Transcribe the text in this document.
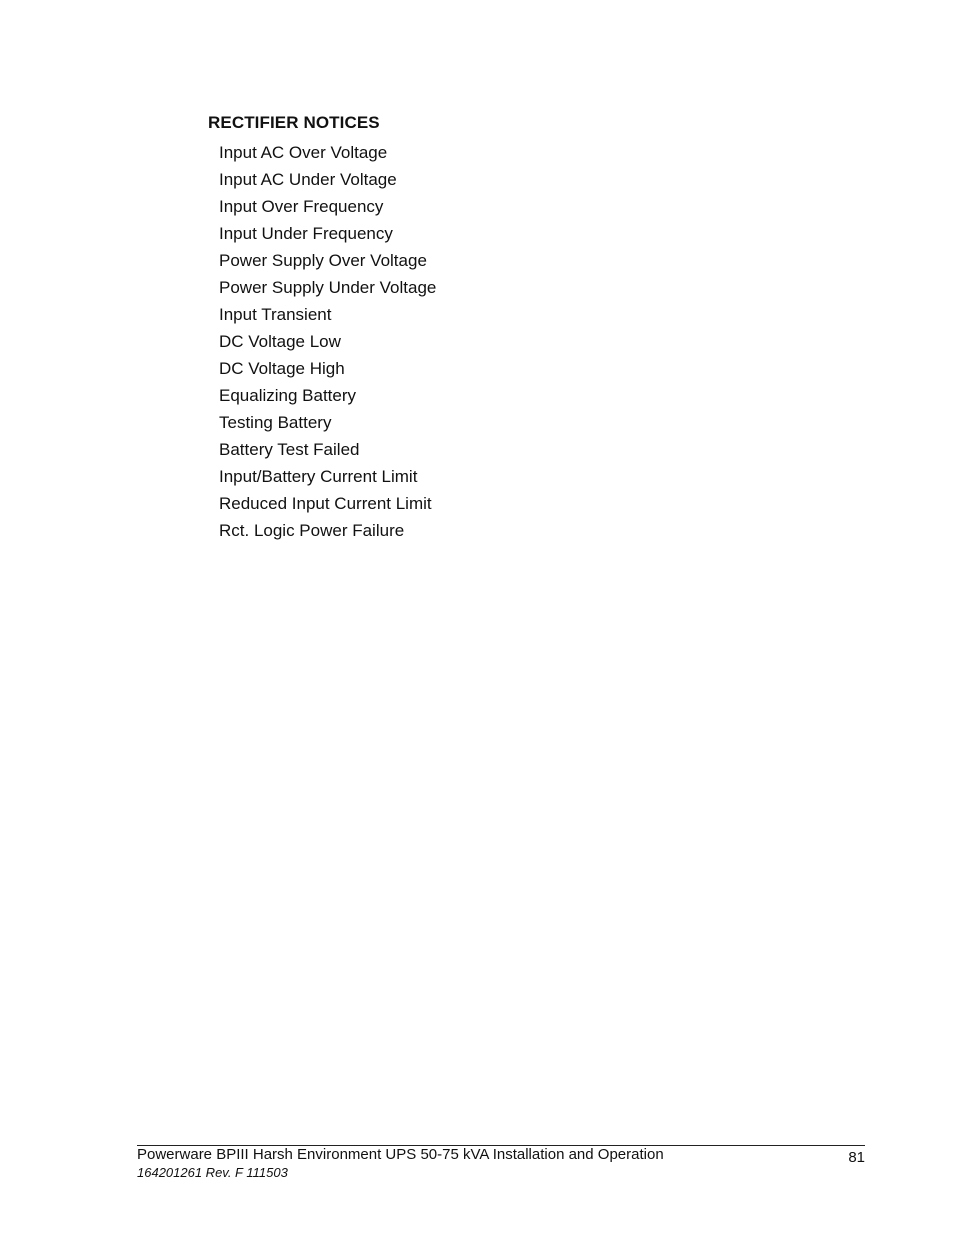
RECTIFIER NOTICES
Input AC Over Voltage
Input AC Under Voltage
Input Over Frequency
Input Under Frequency
Power Supply Over Voltage
Power Supply Under Voltage
Input Transient
DC Voltage Low
DC Voltage High
Equalizing Battery
Testing Battery
Battery Test Failed
Input/Battery Current Limit
Reduced Input Current Limit
Rct. Logic Power Failure
Powerware BPIII Harsh Environment UPS 50-75 kVA Installation and Operation	81
164201261 Rev. F 111503
